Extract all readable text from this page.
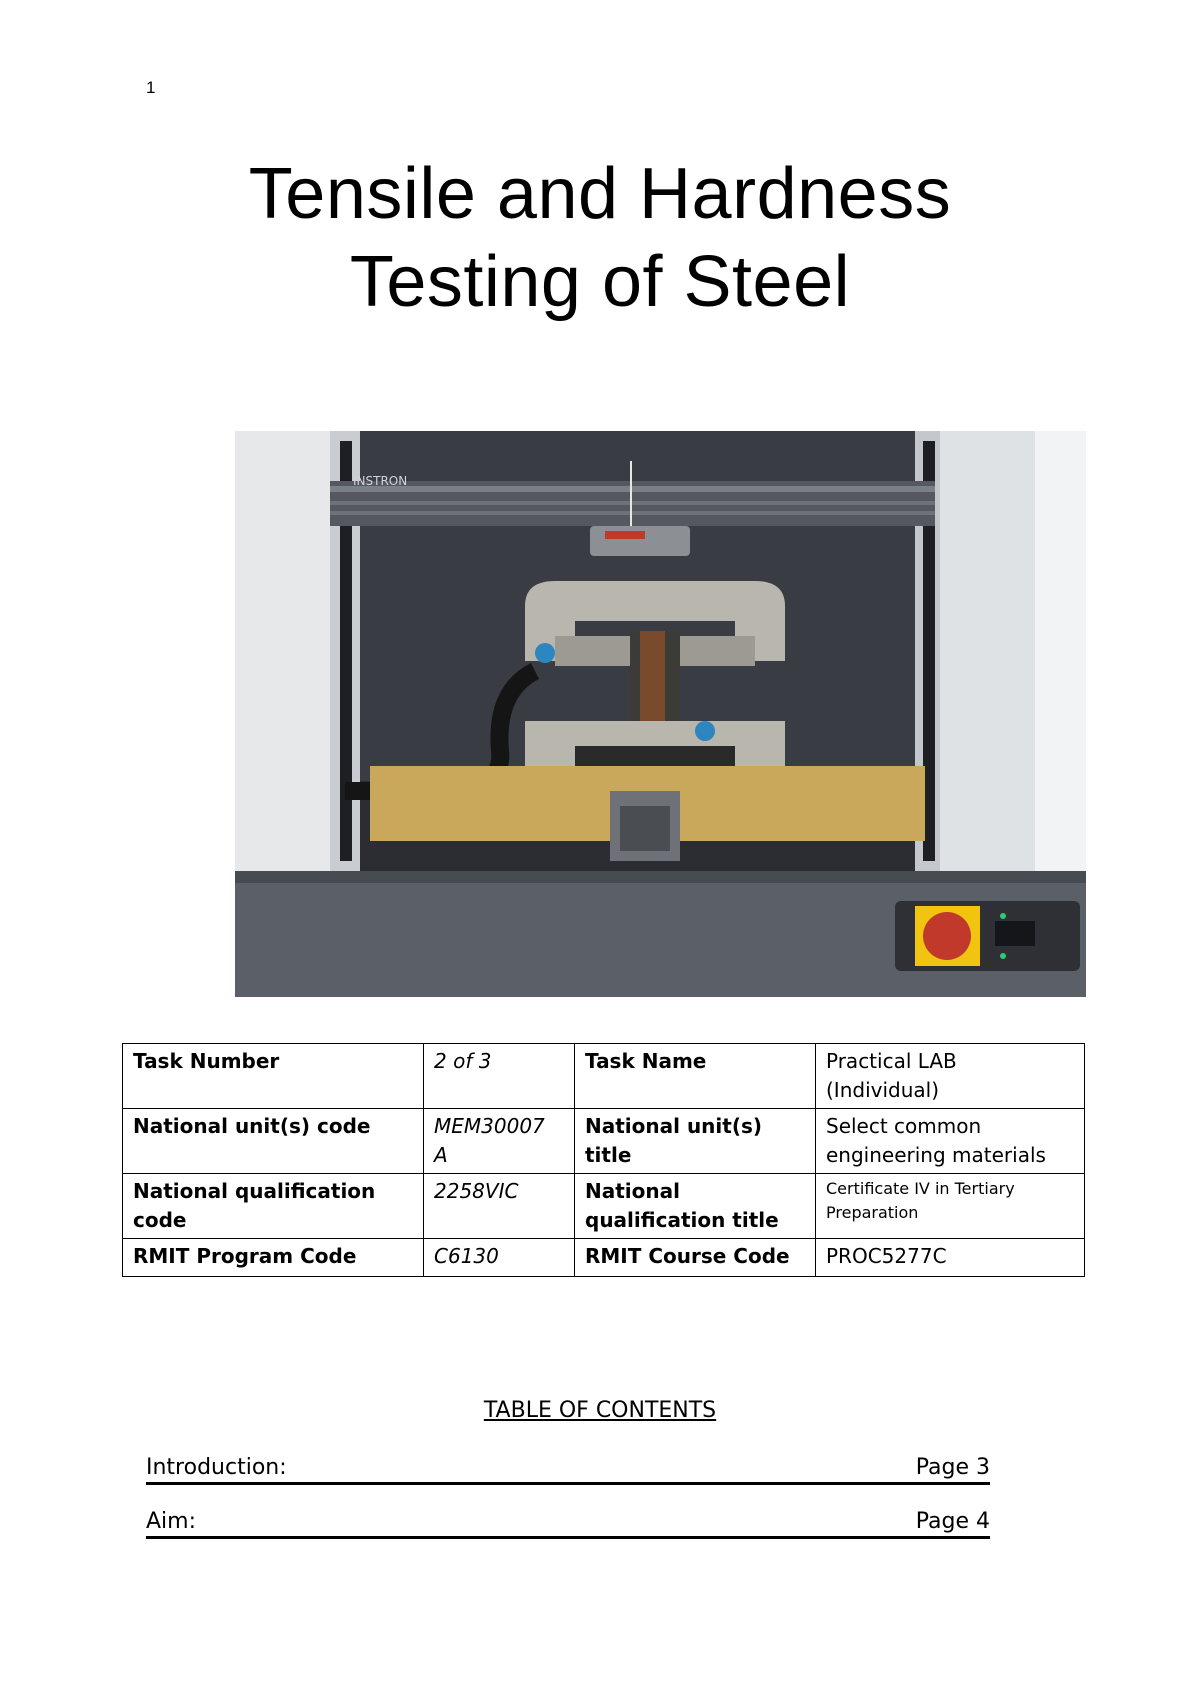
1
Tensile and Hardness
Testing of Steel
INSTRON
Task Number	2 of 3	Task Name	Practical LAB (Individual)
National unit(s) code	MEM30007 A	National unit(s) title	Select common engineering materials
National qualification code	2258VIC	National qualification title	Certificate IV in Tertiary Preparation
RMIT Program Code	C6130	RMIT Course Code	PROC5277C
TABLE OF CONTENTS
Introduction:	Page 3
Aim:	Page 4
